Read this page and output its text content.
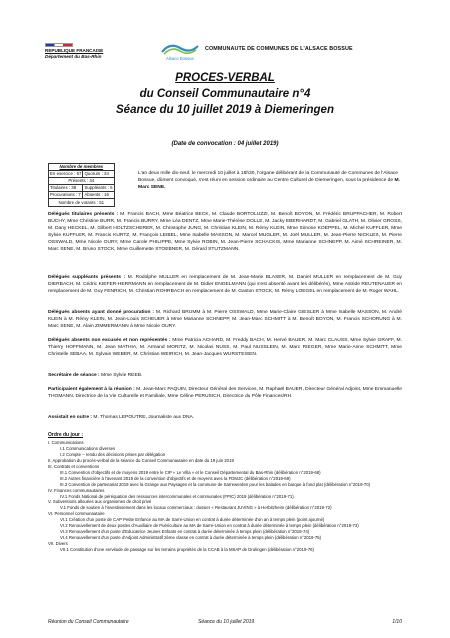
REPUBLIQUE FRANCAISE
Département du Bas-Rhin	Alsace Bossue
COMMUNAUTE DE COMMUNES DE L'ALSACE BOSSUE
PROCES-VERBAL
du Conseil Communautaire n°4
Séance du 10 juillet 2019 à Diemeringen
(Date de convocation : 04 juillet 2019)
Nombre de membres	
En exercice : 67	Quorum : 34
Présents : 44	
Titulaires : 38	Suppléants : 6
Procurations : 7	Absents : 16
Nombre de votants : 51	
L'an deux mille dix-neuf, le mercredi 10 juillet à 18h30, l'organe délibérant de la Communauté de Communes de l'Alsace Bossue, dûment convoqué, s'est réuni en session ordinaire au Centre Culturel de Diemeringen, sous la présidence de M. Marc SENE.
Délégués titulaires présents : M. Francis BACH, Mme Béatrice BECK, M. Claude BORTOLUZZI, M. Benoît BOYON, M. Frédéric BRUPPACHER, M. Robert BUCHY, Mme Christine BURR, M. Francis BURRY, Mme Léa DENTZ, Mme Marie-Thérèse DOLLE, M. Jacky EBERHARDT, M. Gabriel GLATH, M. Olivier GROSS, M. Dany HECKEL, M. Gilbert HOLTZSCHERER, M. Christophe JUNG, M. Christian KLEIN, M. Rémy KLEIN, Mme Simone KOEPPEL, M. Michel KUFFLER, Mme Sylvie KUFFLER, M. Francis KURTZ, M. François LEIBEL, Mme Isabelle MASSON, M. Marcel MUGLER, M. Joël MULLER, M. Jean-Pierre NICKLES, M. Pierre OSSWALD, Mme Nicole OURY, Mme Carole PHILIPPE, Mme Sylvie ROBIN, M. Jean-Pierre SCHACKIS, Mme Marianne SCHNEPP, M. Aimé SCHREINER, M. Marc SENE, M. Bruno STOCK, Mme Guillemette STOEBNER, M. Gérard STUTZMANN.
Délégués suppléants présents : M. Rodolphe MULLER en remplacement de M. Jean-Marie BLASER, M. Daniel MULLER en remplacement de M. Guy DIERBACH, M. Cédric KIEFER-HERRMANN en remplacement de M. Didier ENGELMANN (qui s'est absenté avant les délibérés), Mme Astride REUTENAUER en remplacement de M. Guy FENRICH, M. Christian ROHRBACH en remplacement de M. Gaston STOCK, M. Rémy LOEGEL en remplacement de M. Roger WAHL.
Délégués absents ayant donné procuration : M. Richard BRUMM à M. Pierre OSSWALD, Mme Marie-Claire GIESLER à Mme Isabelle MASSON, M. André KLEIN à M. Rémy KLEIN, M. Jean-Louis SCHEUER à Mme Marianne SCHNEPP, M. Jean-Marc SCHMITT à M. Benoît BOYON, M. Francis SCHORUNG à M. Marc SENE, M. Alain ZIMMERMANN à Mme Nicole OURY.
Délégués absents non excusés et non représentés : Mme Patricia ACHARD, M. Freddy BACH, M. Hervé BAUER, M. Marc CLAUSS, Mme Sylvie GRAFF, M. Thierry HOFFMANN, M. Jean MATHIA, M. Armand MORITZ, M. Nicolas NUSS, M. Paul NUSSLEIN, M. Marc RIEGER, Mme Marie-Anne SCHMITT, Mme Christelle SEBAA, M. Sylvain WEBER, M. Christian WEIRICH, M. Jean-Jacques WURSTEISEN.
Secrétaire de séance : Mme Sylvie REEB.
Participaient également à la réunion : M. Jean-Marc PAQUIN, Directeur Général des Services, M. Raphaël BAUER, Directeur Général Adjoint, Mme Emmanuelle THOMANN, Directrice de la Vie Culturelle et Familiale, Mme Céline PERUSICH, Directrice du Pôle Finances/RH.
Assistait en outre : M. Thomas LEPOUTRE, Journaliste aux DNA.
Ordre du jour :
I. Communications
I.1 Communications diverses
I.2 Compte – rendu des décisions prises par délégation
II. Approbation du procès-verbal de la séance du Conseil Communautaire en date du 19 juin 2019
III. Contrats et conventions
III.1 Convention d'objectifs et de moyens 2019 entre le CIP « Le Villa » et le Conseil Départemental du Bas-Rhin (délibération n°2019-68)
III.2 Autres financière à l'avenant 2019 de la convention d'objectifs et de moyens avec la FDMJC (délibération n°2019-69)
III.3 Convention de partenariat 2019 avec la Grange aux Paysages et la commune de Sarrewerden pour les balades en barque à fond plat (délibération n°2019-70)
IV. Finances communautaires
IV.1 Fonds National de péréquation des ressources intercommunales et communales (FPIC) 2019 (délibération n°2019-71)
V. Subventions allouées aux organismes de droit privé
V.1 Fonds de soutien à l'investissement dans les locaux commerciaux : dossier « Restaurant JUVING » à Herbitzheim (délibération n°2019-72)
VI. Personnel communautaire
VI.1 Création d'un poste de CAP Petite Enfance au MA de Sarre-Union en contrat à durée déterminée d'un an à temps plein (point ajourné)
VI.2 Renouvellement de deux postes d'Auxiliaire de Puériculture au MA de Sarre-Union en contrat à durée déterminée à temps plein (délibération n°2019-73)
VI.3 Renouvellement d'un poste d'Educatrice Jeunes Enfants en contrat à durée déterminée à temps plein (délibération n°2019-74)
VI.4 Renouvellement d'un poste d'Adjoint Administratif 2ème classe en contrat à durée déterminée à temps plein (délibération n°2019-75)
VII. Divers
VII.1 Constitution d'une servitude de passage sur les terrains propriétés de la CCAB à la MSAP de Drulingen (délibération n°2019-76)
Réunion du Conseil Communautaire	Séance du 10 juillet 2019	1/10
